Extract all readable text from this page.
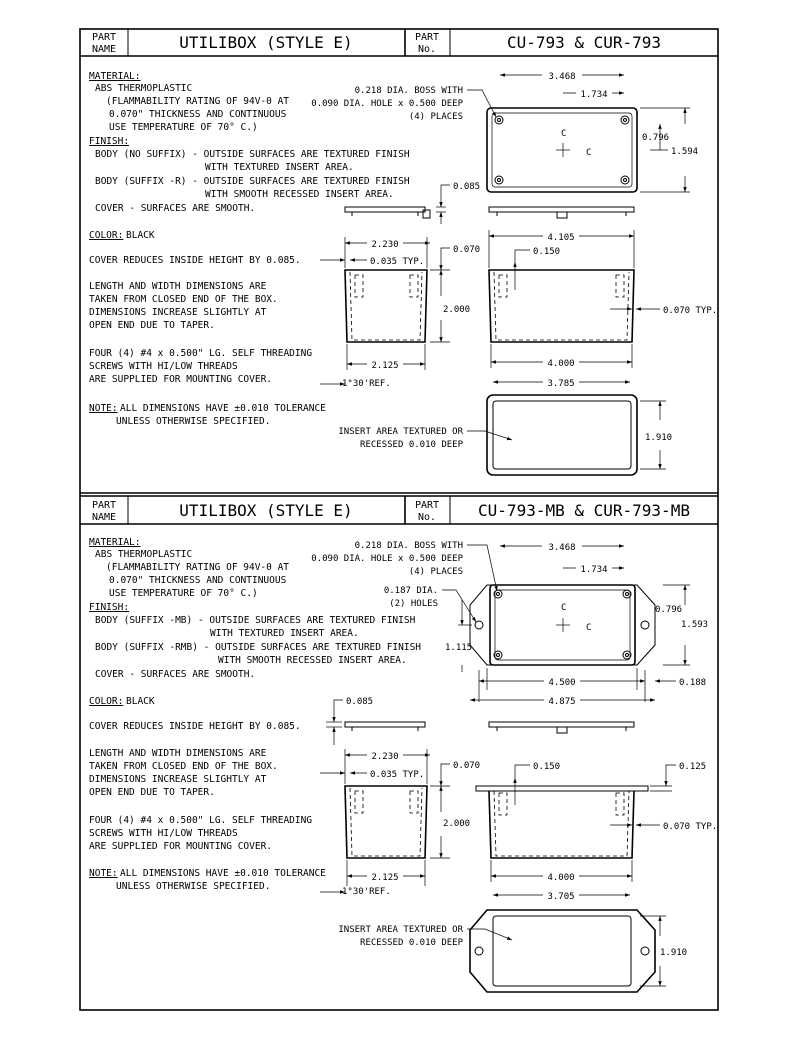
PART
NAME	UTILIBOX (STYLE E)	PART
No.	CU-793 & CUR-793
MATERIAL:
ABS THERMOPLASTIC
(FLAMMABILITY RATING OF 94V-0 AT
0.070" THICKNESS AND CONTINUOUS
USE TEMPERATURE OF 70° C.)
FINISH:
BODY (NO SUFFIX) - OUTSIDE SURFACES ARE TEXTURED FINISH
WITH TEXTURED INSERT AREA.
BODY (SUFFIX -R) - OUTSIDE SURFACES ARE TEXTURED FINISH
WITH SMOOTH RECESSED INSERT AREA.
COVER - SURFACES ARE SMOOTH.
COLOR: BLACK
COVER REDUCES INSIDE HEIGHT BY 0.085.
LENGTH AND WIDTH DIMENSIONS ARE
TAKEN FROM CLOSED END OF THE BOX.
DIMENSIONS INCREASE SLIGHTLY AT
OPEN END DUE TO TAPER.
FOUR (4) #4 x 0.500" LG. SELF THREADING
SCREWS WITH HI/LOW THREADS
ARE SUPPLIED FOR MOUNTING COVER.
NOTE: ALL DIMENSIONS HAVE ±0.010 TOLERANCE
UNLESS OTHERWISE SPECIFIED.
C
C
3.468
1.734
0.796
1.594
0.218 DIA. BOSS WITH
0.090 DIA. HOLE x 0.500 DEEP
(4) PLACES
0.085
2.230
0.035 TYP.
0.070
2.000
2.125
1°30'REF.
4.105
0.150
0.070 TYP.
4.000
3.785
1.910
INSERT AREA TEXTURED OR
RECESSED 0.010 DEEP
PART
NAME	UTILIBOX (STYLE E)	PART
No.	CU-793-MB & CUR-793-MB
MATERIAL:
ABS THERMOPLASTIC
(FLAMMABILITY RATING OF 94V-0 AT
0.070" THICKNESS AND CONTINUOUS
USE TEMPERATURE OF 70° C.)
FINISH:
BODY (SUFFIX -MB) - OUTSIDE SURFACES ARE TEXTURED FINISH
WITH TEXTURED INSERT AREA.
BODY (SUFFIX -RMB) - OUTSIDE SURFACES ARE TEXTURED FINISH
WITH SMOOTH RECESSED INSERT AREA.
COVER - SURFACES ARE SMOOTH.
COLOR: BLACK
COVER REDUCES INSIDE HEIGHT BY 0.085.
LENGTH AND WIDTH DIMENSIONS ARE
TAKEN FROM CLOSED END OF THE BOX.
DIMENSIONS INCREASE SLIGHTLY AT
OPEN END DUE TO TAPER.
FOUR (4) #4 x 0.500" LG. SELF THREADING
SCREWS WITH HI/LOW THREADS
ARE SUPPLIED FOR MOUNTING COVER.
NOTE: ALL DIMENSIONS HAVE ±0.010 TOLERANCE
UNLESS OTHERWISE SPECIFIED.
C
C
3.468
1.734
0.796
1.593
1.115
4.500	0.188
4.875
0.218 DIA. BOSS WITH
0.090 DIA. HOLE x 0.500 DEEP
(4) PLACES
0.187 DIA.
(2) HOLES
0.085
2.230
0.035 TYP.
0.070
2.000
2.125
1°30'REF.
0.150	0.125
0.070 TYP.
4.000
3.705
1.910
INSERT AREA TEXTURED OR
RECESSED 0.010 DEEP
